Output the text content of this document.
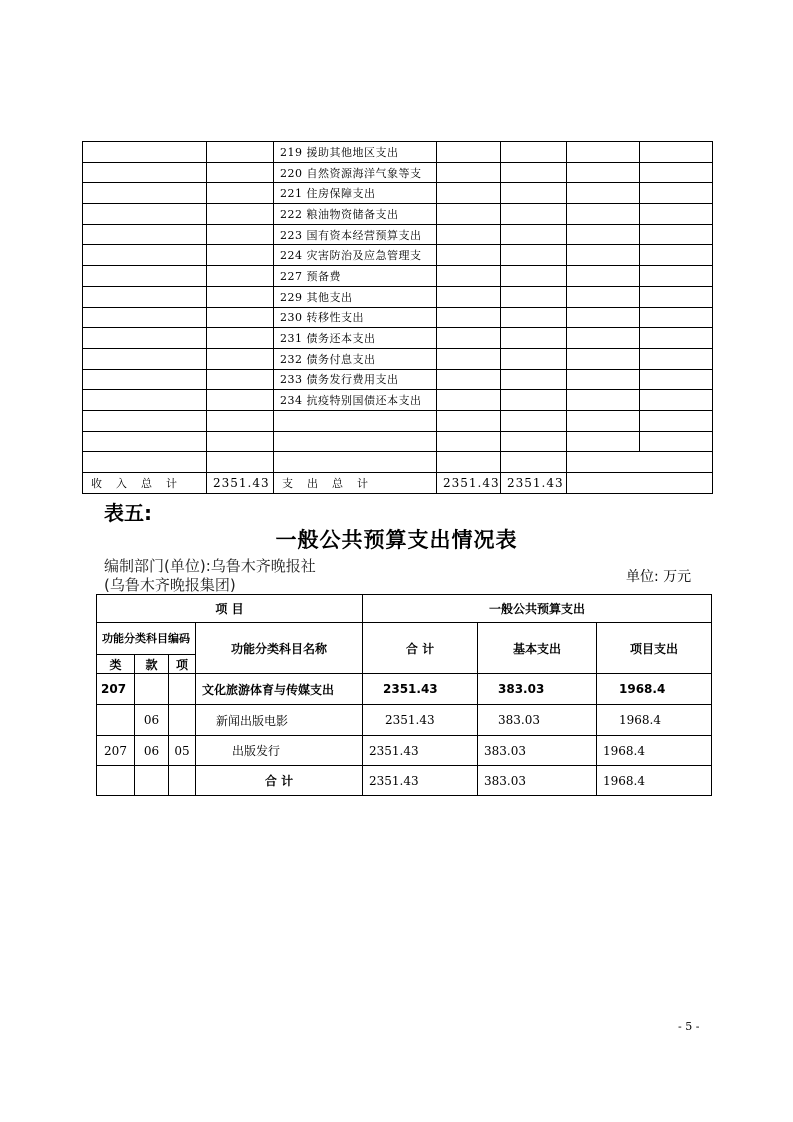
		219 援助其他地区支出				
		220 自然资源海洋气象等支				
		221 住房保障支出				
		222 粮油物资储备支出				
		223 国有资本经营预算支出				
		224 灾害防治及应急管理支				
		227 预备费				
		229 其他支出				
		230 转移性支出				
		231 债务还本支出				
		232 债务付息支出				
		233 债务发行费用支出				
		234 抗疫特别国债还本支出				

收入总计	2351.43	支出总计	2351.43	2351.43		
表五:
一般公共预算支出情况表
编制部门(单位):乌鲁木齐晚报社
(乌鲁木齐晚报集团)	单位: 万元
项 目				一般公共预算支出		
功能分类科目编码			功能分类科目名称	合 计	基本支出	项目支出
类	款	项				
207			文化旅游体育与传媒支出	2351.43	383.03	1968.4
	06		新闻出版电影	2351.43	383.03	1968.4
207	06	05	出版发行	2351.43	383.03	1968.4
			合 计	2351.43	383.03	1968.4
- 5 -
